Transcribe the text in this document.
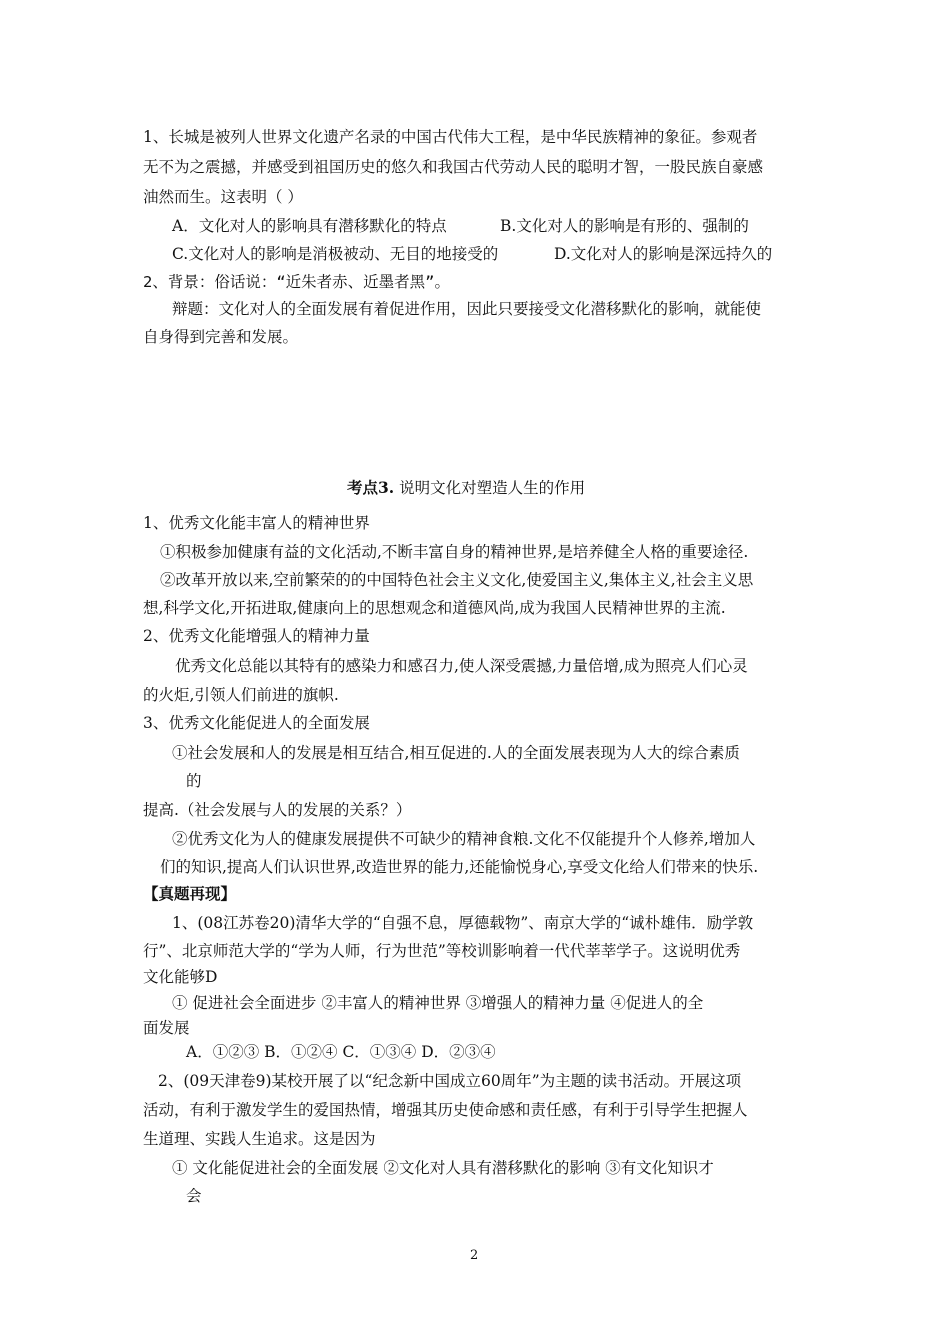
1、长城是被列人世界文化遗产名录的中国古代伟大工程，是中华民族精神的象征。参观者
无不为之震撼，并感受到祖国历史的悠久和我国古代劳动人民的聪明才智，一股民族自豪感
油然而生。这表明（ ）
A．文化对人的影响具有潜移默化的特点	B.文化对人的影响是有形的、强制的
C.文化对人的影响是消极被动、无目的地接受的	D.文化对人的影响是深远持久的
2、背景：俗话说：“近朱者赤、近墨者黑”。
辩题：文化对人的全面发展有着促进作用，因此只要接受文化潜移默化的影响，就能使
自身得到完善和发展。
考点3. 说明文化对塑造人生的作用
1、优秀文化能丰富人的精神世界
①积极参加健康有益的文化活动,不断丰富自身的精神世界,是培养健全人格的重要途径.
②改革开放以来,空前繁荣的的中国特色社会主义文化,使爱国主义,集体主义,社会主义思
想,科学文化,开拓进取,健康向上的思想观念和道德风尚,成为我国人民精神世界的主流.
2、优秀文化能增强人的精神力量
优秀文化总能以其特有的感染力和感召力,使人深受震撼,力量倍增,成为照亮人们心灵
的火炬,引领人们前进的旗帜.
3、优秀文化能促进人的全面发展
①社会发展和人的发展是相互结合,相互促进的.人的全面发展表现为人大的综合素质
的
提高.（社会发展与人的发展的关系？）
②优秀文化为人的健康发展提供不可缺少的精神食粮.文化不仅能提升个人修养,增加人
们的知识,提高人们认识世界,改造世界的能力,还能愉悦身心,享受文化给人们带来的快乐.
【真题再现】
1、(08江苏卷20)清华大学的“自强不息，厚德载物”、南京大学的“诚朴雄伟．励学敦
行”、北京师范大学的“学为人师，行为世范”等校训影响着一代代莘莘学子。这说明优秀
文化能够D
① 促进社会全面进步 ②丰富人的精神世界 ③增强人的精神力量 ④促进人的全
面发展
A．①②③ B．①②④ C．①③④ D．②③④
2、(09天津卷9)某校开展了以“纪念新中国成立60周年”为主题的读书活动。开展这项
活动，有利于激发学生的爱国热情，增强其历史使命感和责任感，有利于引导学生把握人
生道理、实践人生追求。这是因为
① 文化能促进社会的全面发展 ②文化对人具有潜移默化的影响 ③有文化知识才
会
2
